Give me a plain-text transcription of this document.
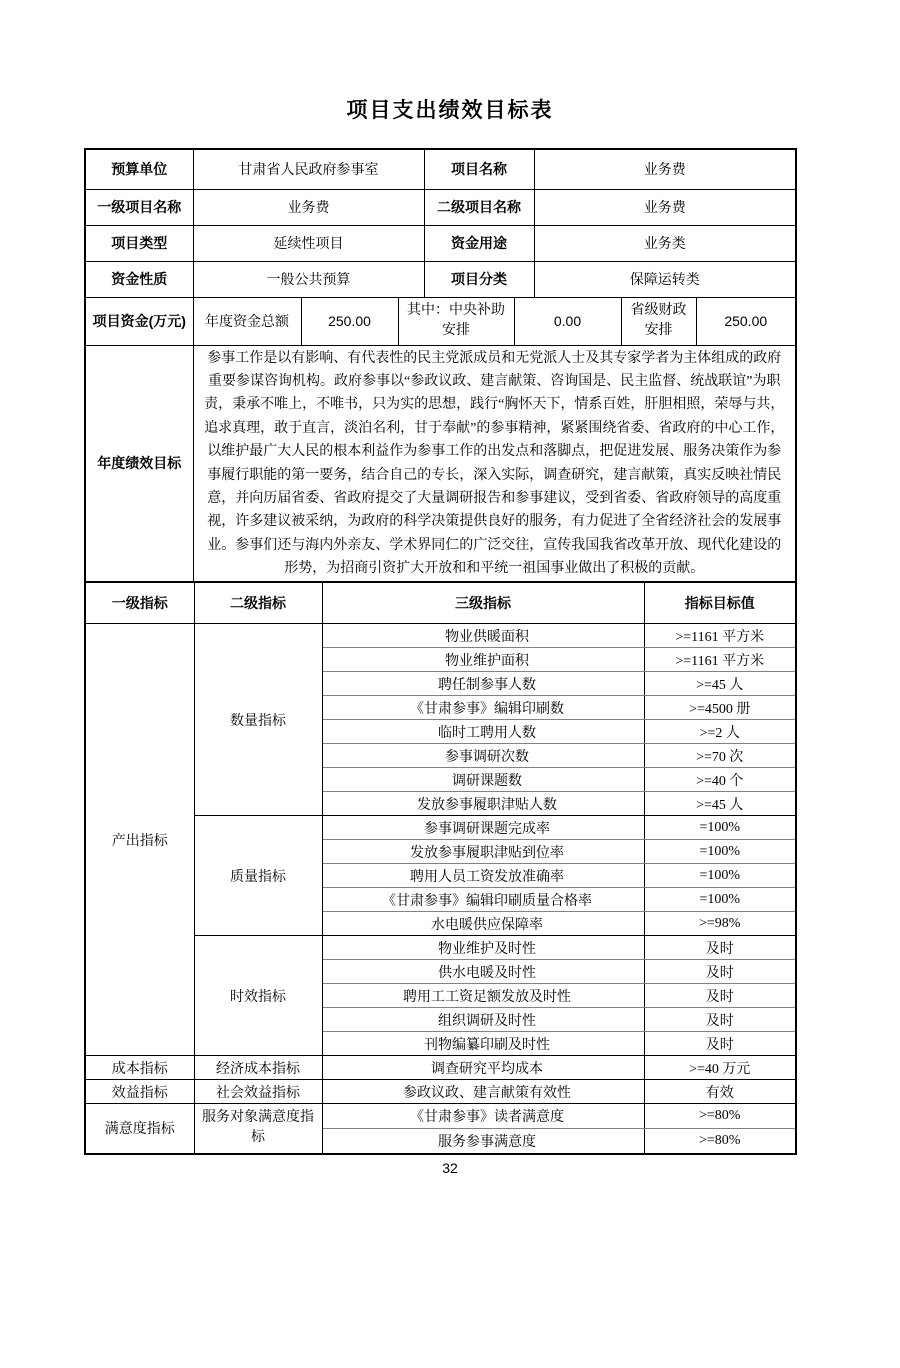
项目支出绩效目标表
预算单位	甘肃省人民政府参事室			项目名称		业务费		
一级项目名称	业务费			二级项目名称		业务费		
项目类型	延续性项目			资金用途		业务类		
资金性质	一般公共预算			项目分类		保障运转类		
项目资金(万元)	年度资金总额	250.00	其中：中央补助安排		0.00		省级财政安排	250.00
年度绩效目标	参事工作是以有影响、有代表性的民主党派成员和无党派人士及其专家学者为主体组成的政府重要参谋咨询机构。政府参事以“参政议政、建言献策、咨询国是、民主监督、统战联谊”为职责，秉承不唯上，不唯书，只为实的思想，践行“胸怀天下，情系百姓，肝胆相照，荣辱与共，追求真理，敢于直言，淡泊名利，甘于奉献”的参事精神，紧紧围绕省委、省政府的中心工作，以维护最广大人民的根本利益作为参事工作的出发点和落脚点，把促进发展、服务决策作为参事履行职能的第一要务，结合自己的专长，深入实际，调查研究，建言献策，真实反映社情民意，并向历届省委、省政府提交了大量调研报告和参事建议，受到省委、省政府领导的高度重视，许多建议被采纳，为政府的科学决策提供良好的服务，有力促进了全省经济社会的发展事业。参事们还与海内外亲友、学术界同仁的广泛交往，宣传我国我省改革开放、现代化建设的形势，为招商引资扩大开放和和平统一祖国事业做出了积极的贡献。							
一级指标	二级指标	三级指标	指标目标值
产出指标	数量指标	物业供暖面积	>=1161 平方米
		物业维护面积	>=1161 平方米
		聘任制参事人数	>=45 人
		《甘肃参事》编辑印刷数	>=4500 册
		临时工聘用人数	>=2 人
		参事调研次数	>=70 次
		调研课题数	>=40 个
		发放参事履职津贴人数	>=45 人
	质量指标	参事调研课题完成率	=100%
		发放参事履职津贴到位率	=100%
		聘用人员工资发放准确率	=100%
		《甘肃参事》编辑印刷质量合格率	=100%
		水电暖供应保障率	>=98%
	时效指标	物业维护及时性	及时
		供水电暖及时性	及时
		聘用工工资足额发放及时性	及时
		组织调研及时性	及时
		刊物编纂印刷及时性	及时
成本指标	经济成本指标	调查研究平均成本	>=40 万元
效益指标	社会效益指标	参政议政、建言献策有效性	有效
满意度指标	服务对象满意度指标	《甘肃参事》读者满意度	>=80%
		服务参事满意度	>=80%
32
